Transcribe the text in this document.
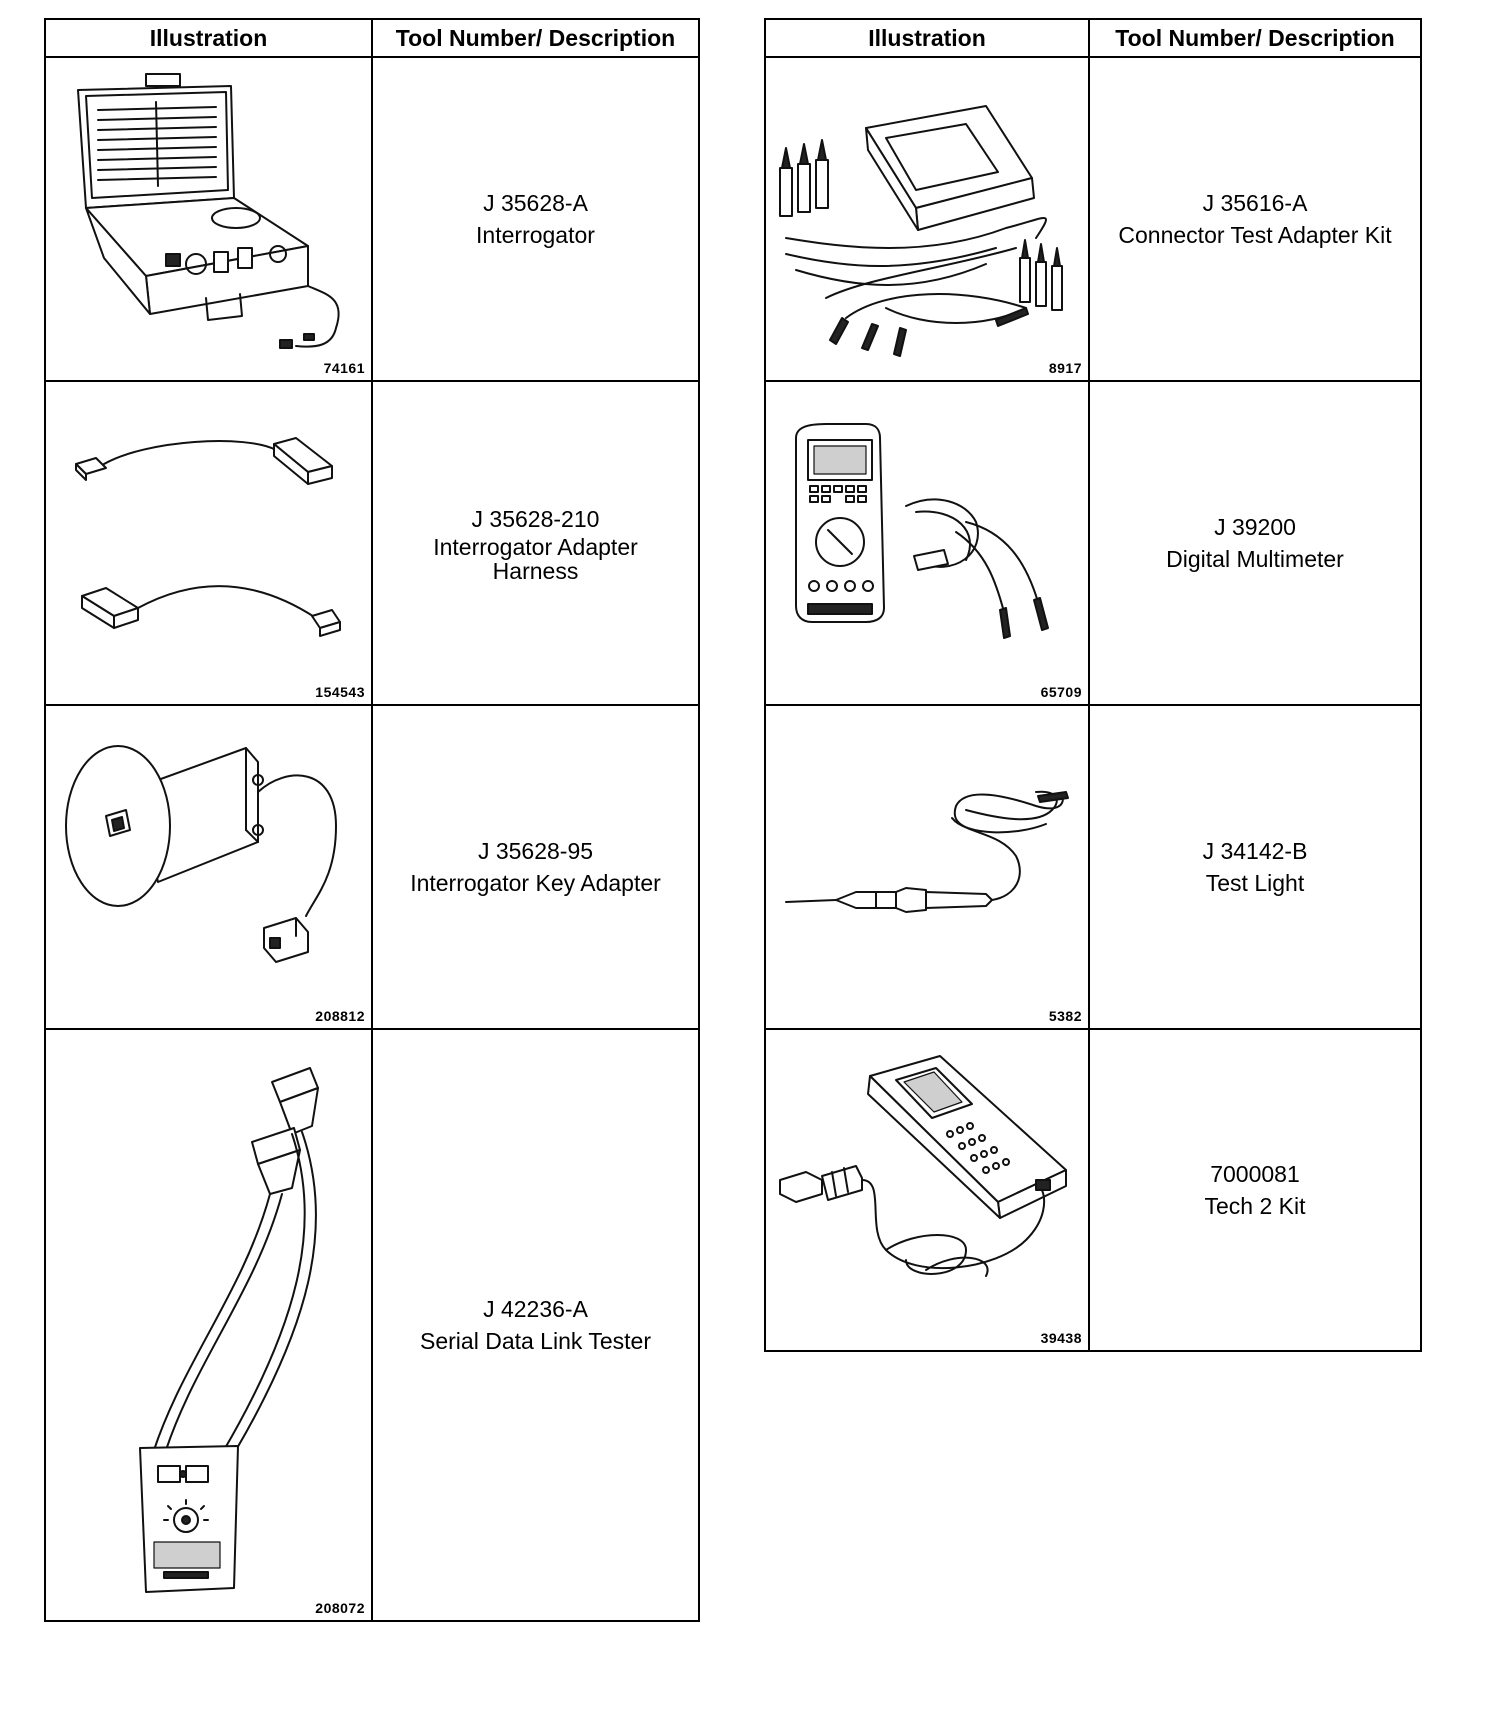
Illustration	Tool Number/ Description

74161	J 35628-A
Interrogator

154543	J 35628-210
Interrogator Adapter Harness

208812	J 35628-95
Interrogator Key Adapter

208072	J 42236-A
Serial Data Link Tester
Illustration	Tool Number/ Description

8917	J 35616-A
Connector Test Adapter Kit

65709	J 39200
Digital Multimeter

5382	J 34142-B
Test Light

39438	7000081
Tech 2 Kit
